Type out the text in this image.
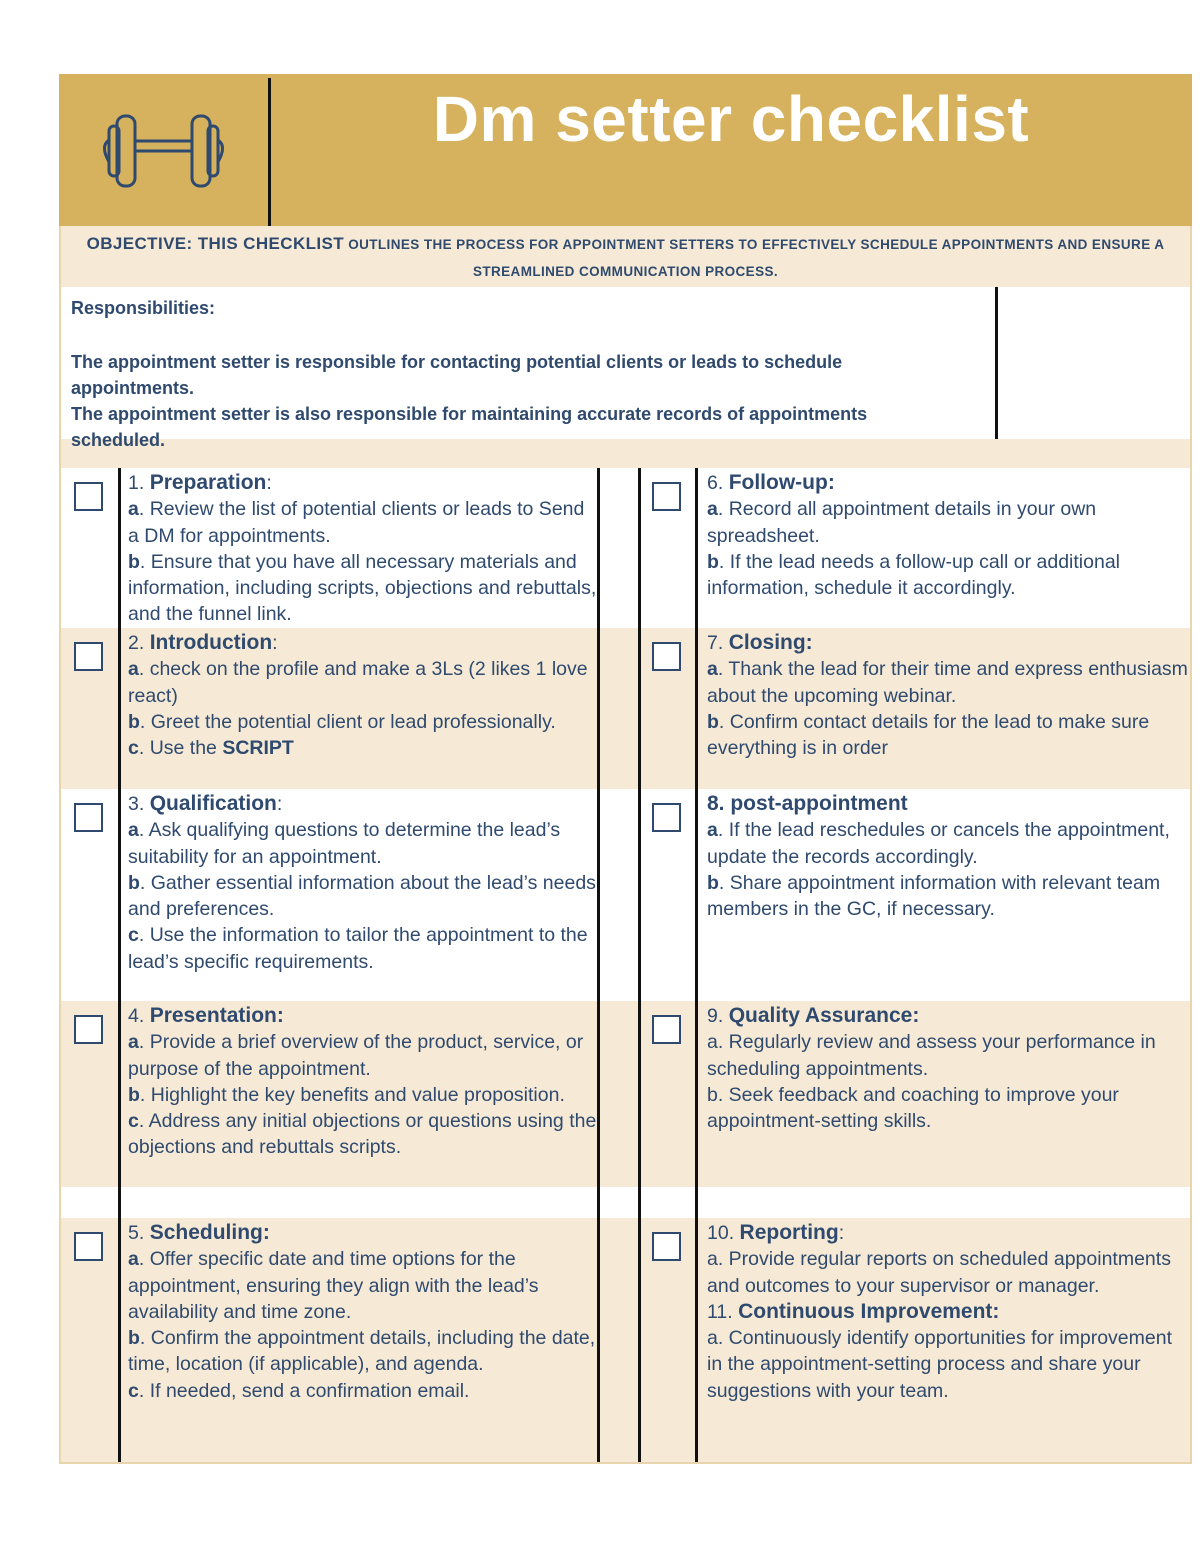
Dm setter checklist
OBJECTIVE: THIS CHECKLIST OUTLINES THE PROCESS FOR APPOINTMENT SETTERS TO EFFECTIVELY SCHEDULE APPOINTMENTS AND ENSURE A STREAMLINED COMMUNICATION PROCESS.
Responsibilities:
The appointment setter is responsible for contacting potential clients or leads to schedule appointments.
The appointment setter is also responsible for maintaining accurate records of appointments scheduled.
1. Preparation:
a. Review the list of potential clients or leads to Send a DM for appointments.
b. Ensure that you have all necessary materials and information, including scripts, objections and rebuttals, and the funnel link.
6. Follow-up:
a. Record all appointment details in your own spreadsheet.
b. If the lead needs a follow-up call or additional information, schedule it accordingly.
2. Introduction:
a. check on the profile and make a 3Ls (2 likes 1 love react)
b. Greet the potential client or lead professionally.
c. Use the SCRIPT
7. Closing:
a. Thank the lead for their time and express enthusiasm about the upcoming webinar.
b. Confirm contact details for the lead to make sure everything is in order
3. Qualification:
a. Ask qualifying questions to determine the lead’s suitability for an appointment.
b. Gather essential information about the lead’s needs and preferences.
c. Use the information to tailor the appointment to the lead’s specific requirements.
8. post-appointment
a. If the lead reschedules or cancels the appointment, update the records accordingly.
b. Share appointment information with relevant team members in the GC, if necessary.
4. Presentation:
a. Provide a brief overview of the product, service, or purpose of the appointment.
b. Highlight the key benefits and value proposition.
c. Address any initial objections or questions using the objections and rebuttals scripts.
9. Quality Assurance:
a. Regularly review and assess your performance in scheduling appointments.
b. Seek feedback and coaching to improve your appointment-setting skills.
5. Scheduling:
a. Offer specific date and time options for the appointment, ensuring they align with the lead’s availability and time zone.
b. Confirm the appointment details, including the date, time, location (if applicable), and agenda.
c. If needed, send a confirmation email.
10. Reporting:
a. Provide regular reports on scheduled appointments and outcomes to your supervisor or manager.
11. Continuous Improvement:
a. Continuously identify opportunities for improvement in the appointment-setting process and share your suggestions with your team.
